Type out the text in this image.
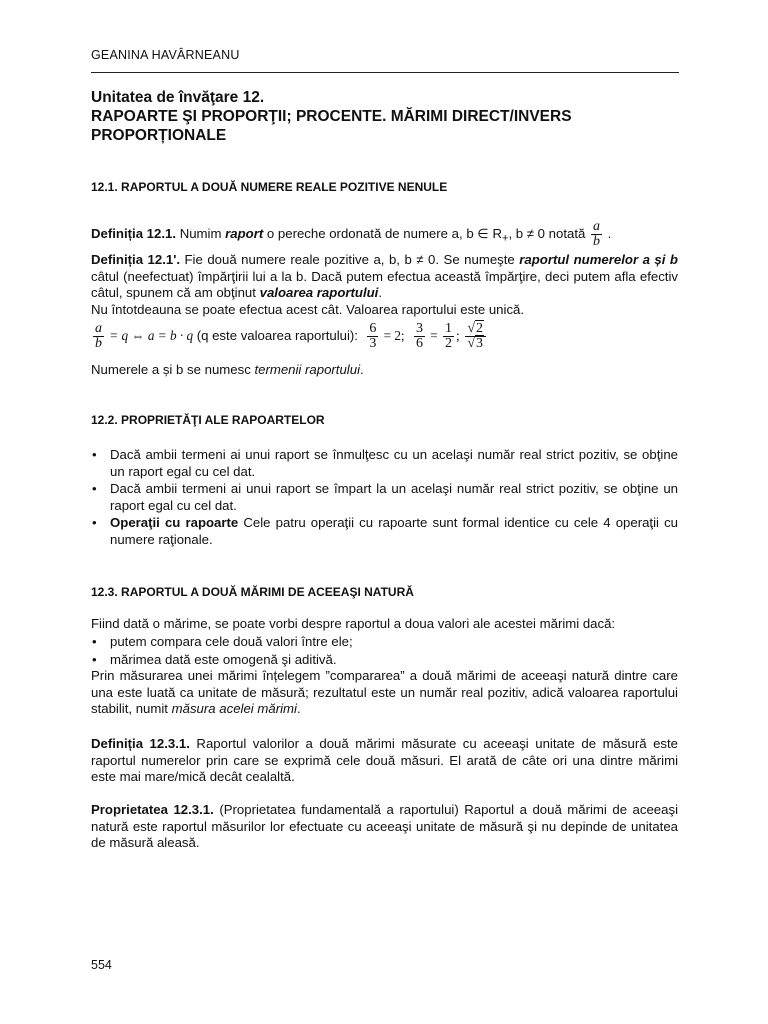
GEANINA HAVÂRNEANU
Unitatea de învăţare 12.
RAPOARTE ŞI PROPORŢII; PROCENTE. MĂRIMI DIRECT/INVERS
PROPORȚIONALE
12.1. RAPORTUL A DOUĂ NUMERE REALE POZITIVE NENULE
Definiția 12.1. Numim raport o pereche ordonată de numere a, b ∈ $R_+$, b ≠ 0 notată $\frac{a}{b}$ .
Definiția 12.1'. Fie două numere reale pozitive a, b, b ≠ 0. Se numeşte raportul numerelor a și b câtul (neefectuat) împărţirii lui a la b. Dacă putem efectua această împărţire, deci putem afla efectiv câtul, spunem că am obţinut valoarea raportului.
Nu întotdeauna se poate efectua acest cât. Valoarea raportului este unică.
$\frac{a}{b} = q$ ⇔ a = b · q (q este valoarea raportului): $\frac{6}{3} = 2$; $\frac{3}{6} = \frac{1}{2}$ ; $\frac{√2}{√3}$
Numerele a și b se numesc termenii raportului.
12.2. PROPRIETĂŢI ALE RAPOARTELOR
• Dacă ambii termeni ai unui raport se înmulţesc cu un acelaşi număr real strict pozitiv, se obţine un raport egal cu cel dat.
• Dacă ambii termeni ai unui raport se împart la un acelaşi număr real strict pozitiv, se obţine un raport egal cu cel dat.
• Operaţii cu rapoarte Cele patru operaţii cu rapoarte sunt formal identice cu cele 4 operaţii cu numere raţionale.
12.3. RAPORTUL A DOUĂ MĂRIMI DE ACEEAŞI NATURĂ
Fiind dată o mărime, se poate vorbi despre raportul a doua valori ale acestei mărimi dacă:
• putem compara cele două valori între ele;
• mărimea dată este omogenă şi aditivă.
Prin măsurarea unei mărimi înțelegem ”compararea” a două mărimi de aceeaşi natură dintre care una este luată ca unitate de măsură; rezultatul este un număr real pozitiv, adică valoarea raportului stabilit, numit măsura acelei mărimi.
Definiția 12.3.1. Raportul valorilor a două mărimi măsurate cu aceeaşi unitate de măsură este raportul numerelor prin care se exprimă cele două măsuri. El arată de câte ori una dintre mărimi este mai mare/mică decât cealaltă.
Proprietatea 12.3.1. (Proprietatea fundamentală a raportului) Raportul a două mărimi de aceeaşi natură este raportul măsurilor lor efectuate cu aceeaşi unitate de măsură şi nu depinde de unitatea de măsură aleasă.
554
